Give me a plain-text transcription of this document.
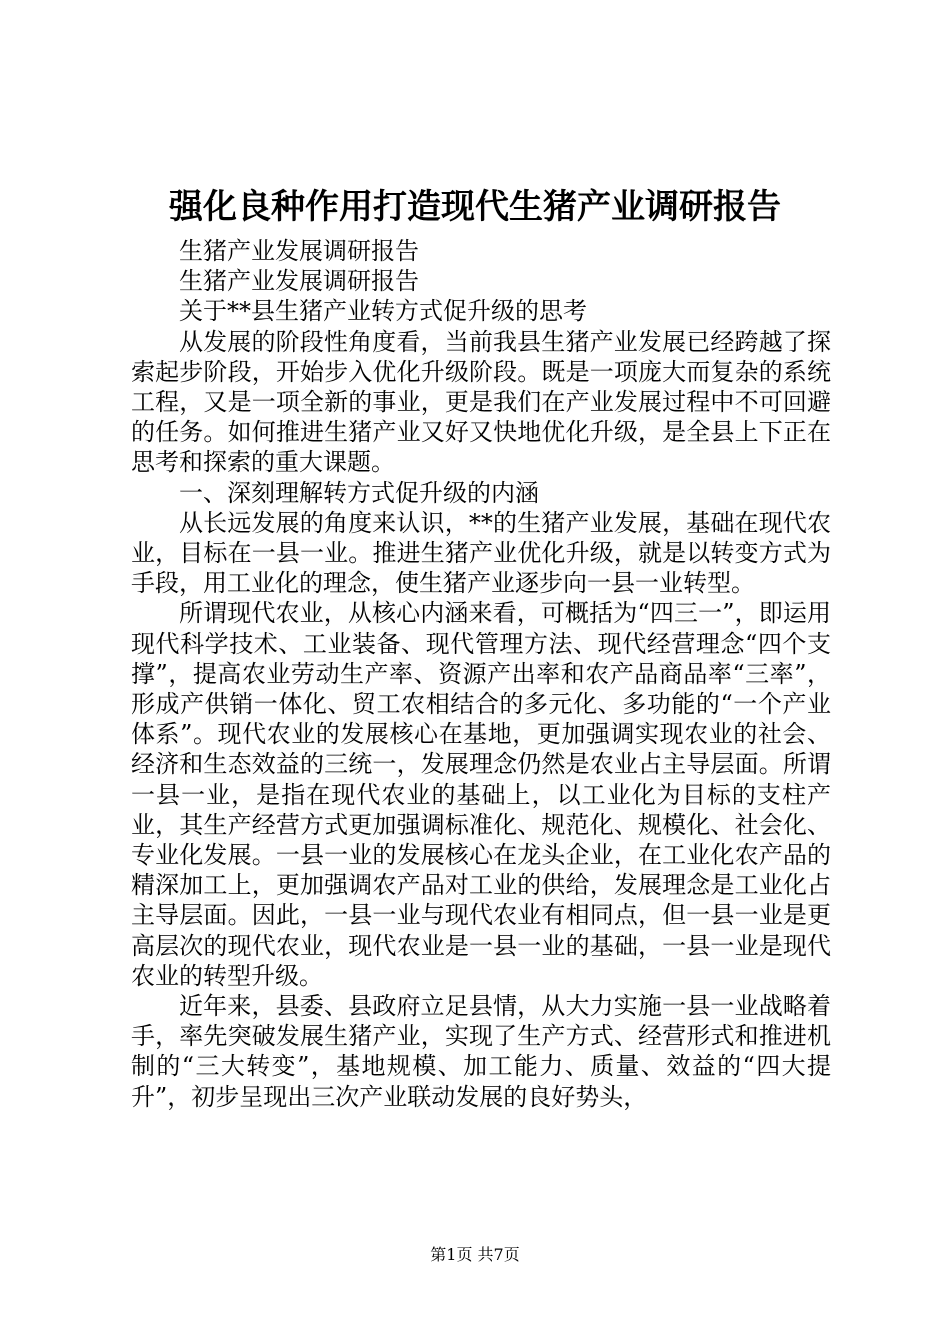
强化良种作用打造现代生猪产业调研报告

生猪产业发展调研报告

生猪产业发展调研报告

关于**县生猪产业转方式促升级的思考

从发展的阶段性角度看，当前我县生猪产业发展已经跨越了探索起步阶段，开始步入优化升级阶段。既是一项庞大而复杂的系统工程，又是一项全新的事业，更是我们在产业发展过程中不可回避的任务。如何推进生猪产业又好又快地优化升级，是全县上下正在思考和探索的重大课题。

一、深刻理解转方式促升级的内涵

从长远发展的角度来认识，**的生猪产业发展，基础在现代农业，目标在一县一业。推进生猪产业优化升级，就是以转变方式为手段，用工业化的理念，使生猪产业逐步向一县一业转型。

所谓现代农业，从核心内涵来看，可概括为“四三一”，即运用现代科学技术、工业装备、现代管理方法、现代经营理念“四个支撑”，提高农业劳动生产率、资源产出率和农产品商品率“三率”，形成产供销一体化、贸工农相结合的多元化、多功能的“一个产业体系”。现代农业的发展核心在基地，更加强调实现农业的社会、经济和生态效益的三统一，发展理念仍然是农业占主导层面。所谓一县一业，是指在现代农业的基础上，以工业化为目标的支柱产业，其生产经营方式更加强调标准化、规范化、规模化、社会化、专业化发展。一县一业的发展核心在龙头企业，在工业化农产品的精深加工上，更加强调农产品对工业的供给，发展理念是工业化占主导层面。因此，一县一业与现代农业有相同点，但一县一业是更高层次的现代农业，现代农业是一县一业的基础，一县一业是现代农业的转型升级。

近年来，县委、县政府立足县情，从大力实施一县一业战略着手，率先突破发展生猪产业，实现了生产方式、经营形式和推进机制的“三大转变”，基地规模、加工能力、质量、效益的“四大提升”，初步呈现出三次产业联动发展的良好势头，

第1页 共7页
